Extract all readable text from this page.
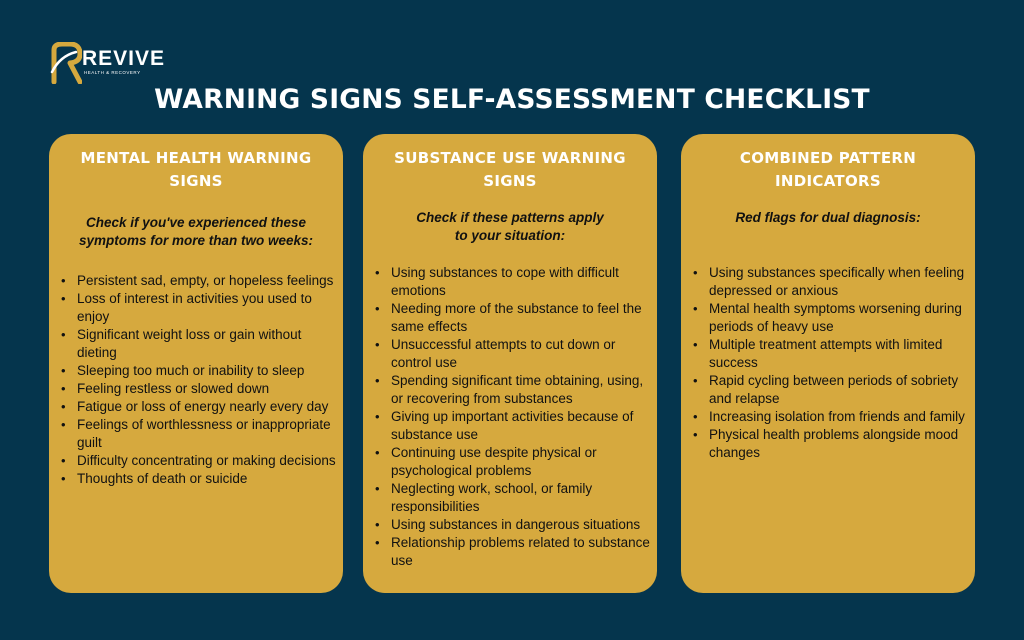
REVIVE
HEALTH & RECOVERY
WARNING SIGNS SELF-ASSESSMENT CHECKLIST
MENTAL HEALTH WARNING SIGNS
Check if you've experienced these symptoms for more than two weeks:
• Persistent sad, empty, or hopeless feelings
• Loss of interest in activities you used to enjoy
• Significant weight loss or gain without dieting
• Sleeping too much or inability to sleep
• Feeling restless or slowed down
• Fatigue or loss of energy nearly every day
• Feelings of worthlessness or inappropriate guilt
• Difficulty concentrating or making decisions
• Thoughts of death or suicide
SUBSTANCE USE WARNING SIGNS
Check if these patterns apply to your situation:
• Using substances to cope with difficult emotions
• Needing more of the substance to feel the same effects
• Unsuccessful attempts to cut down or control use
• Spending significant time obtaining, using, or recovering from substances
• Giving up important activities because of substance use
• Continuing use despite physical or psychological problems
• Neglecting work, school, or family responsibilities
• Using substances in dangerous situations
• Relationship problems related to substance use
COMBINED PATTERN INDICATORS
Red flags for dual diagnosis:
• Using substances specifically when feeling depressed or anxious
• Mental health symptoms worsening during periods of heavy use
• Multiple treatment attempts with limited success
• Rapid cycling between periods of sobriety and relapse
• Increasing isolation from friends and family
• Physical health problems alongside mood changes
